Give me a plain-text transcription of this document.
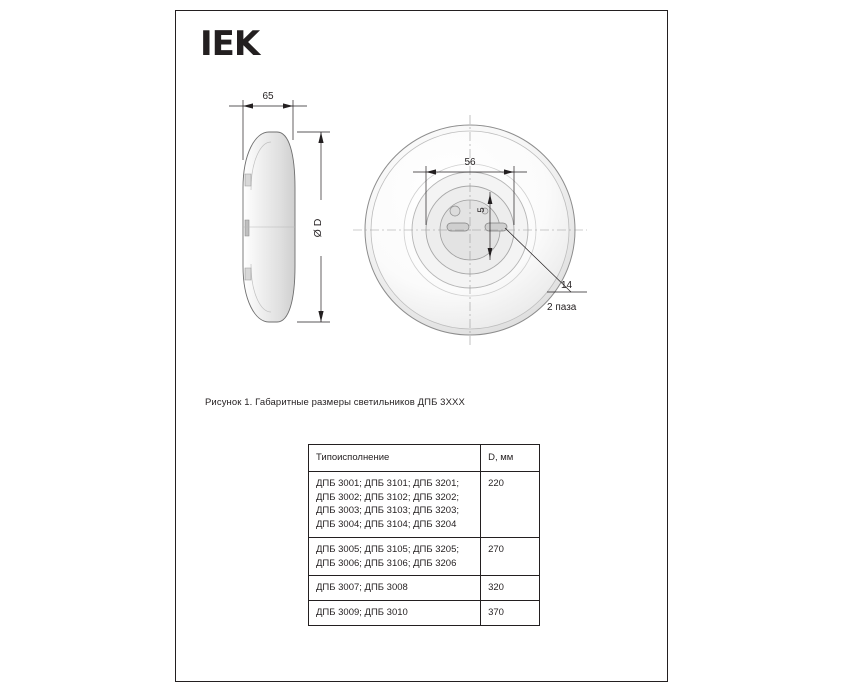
IEK
65
Ø D
56
5
14
2 паза
Рисунок 1. Габаритные размеры светильников ДПБ 3ХХХ
Типоисполнение	D, мм

ДПБ 3001; ДПБ 3101; ДПБ 3201;
ДПБ 3002; ДПБ 3102; ДПБ 3202;
ДПБ 3003; ДПБ 3103; ДПБ 3203;
ДПБ 3004; ДПБ 3104; ДПБ 3204	220

ДПБ 3005; ДПБ 3105; ДПБ 3205;
ДПБ 3006; ДПБ 3106; ДПБ 3206	270

ДПБ 3007; ДПБ 3008	320

ДПБ 3009; ДПБ 3010	370
